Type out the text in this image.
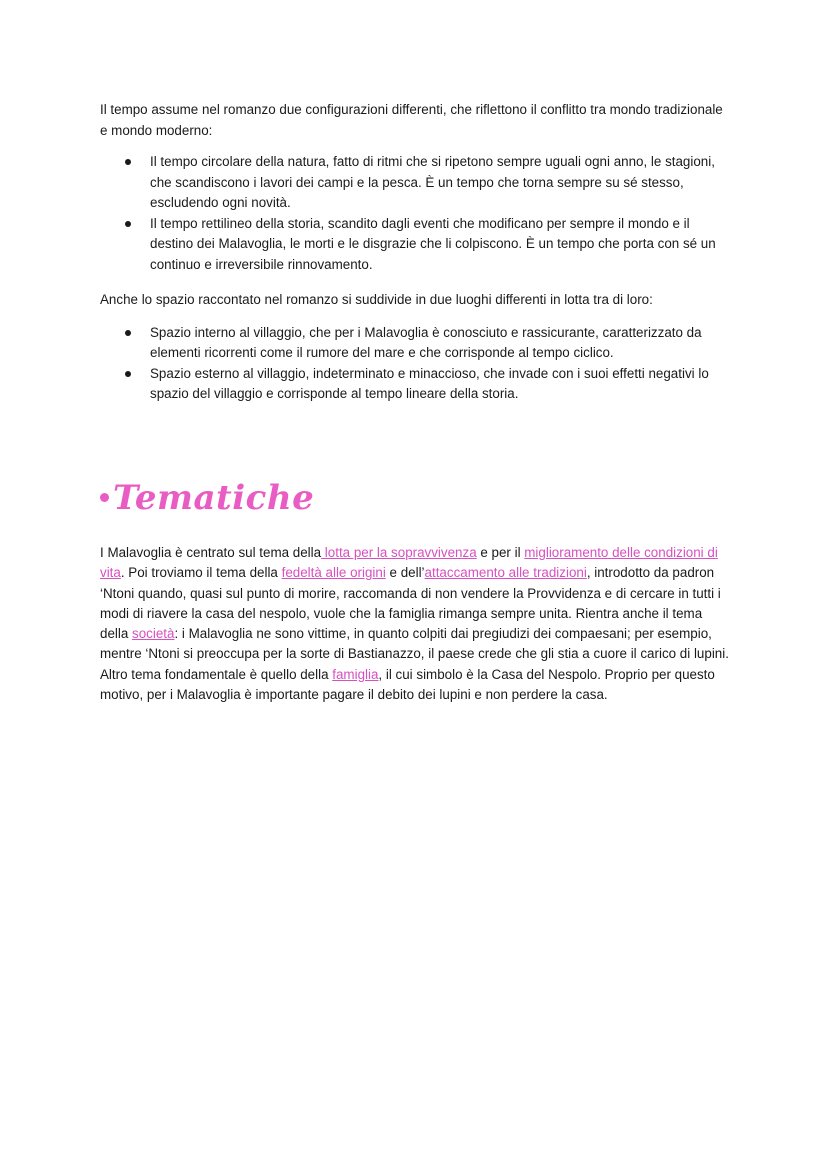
Il tempo assume nel romanzo due configurazioni differenti, che riflettono il conflitto tra mondo tradizionale e mondo moderno:

Il tempo circolare della natura, fatto di ritmi che si ripetono sempre uguali ogni anno, le stagioni, che scandiscono i lavori dei campi e la pesca. È un tempo che torna sempre su sé stesso, escludendo ogni novità.
Il tempo rettilineo della storia, scandito dagli eventi che modificano per sempre il mondo e il destino dei Malavoglia, le morti e le disgrazie che li colpiscono. È un tempo che porta con sé un continuo e irreversibile rinnovamento.

Anche lo spazio raccontato nel romanzo si suddivide in due luoghi differenti in lotta tra di loro:

Spazio interno al villaggio, che per i Malavoglia è conosciuto e rassicurante, caratterizzato da elementi ricorrenti come il rumore del mare e che corrisponde al tempo ciclico.
Spazio esterno al villaggio, indeterminato e minaccioso, che invade con i suoi effetti negativi lo spazio del villaggio e corrisponde al tempo lineare della storia.
Tematiche

I Malavoglia è centrato sul tema della lotta per la sopravvivenza e per il miglioramento delle condizioni di vita. Poi troviamo il tema della fedeltà alle origini e dell’attaccamento alle tradizioni, introdotto da padron ‘Ntoni quando, quasi sul punto di morire, raccomanda di non vendere la Provvidenza e di cercare in tutti i modi di riavere la casa del nespolo, vuole che la famiglia rimanga sempre unita. Rientra anche il tema della società: i Malavoglia ne sono vittime, in quanto colpiti dai pregiudizi dei compaesani; per esempio, mentre ‘Ntoni si preoccupa per la sorte di Bastianazzo, il paese crede che gli stia a cuore il carico di lupini. Altro tema fondamentale è quello della famiglia, il cui simbolo è la Casa del Nespolo. Proprio per questo motivo, per i Malavoglia è importante pagare il debito dei lupini e non perdere la casa.
